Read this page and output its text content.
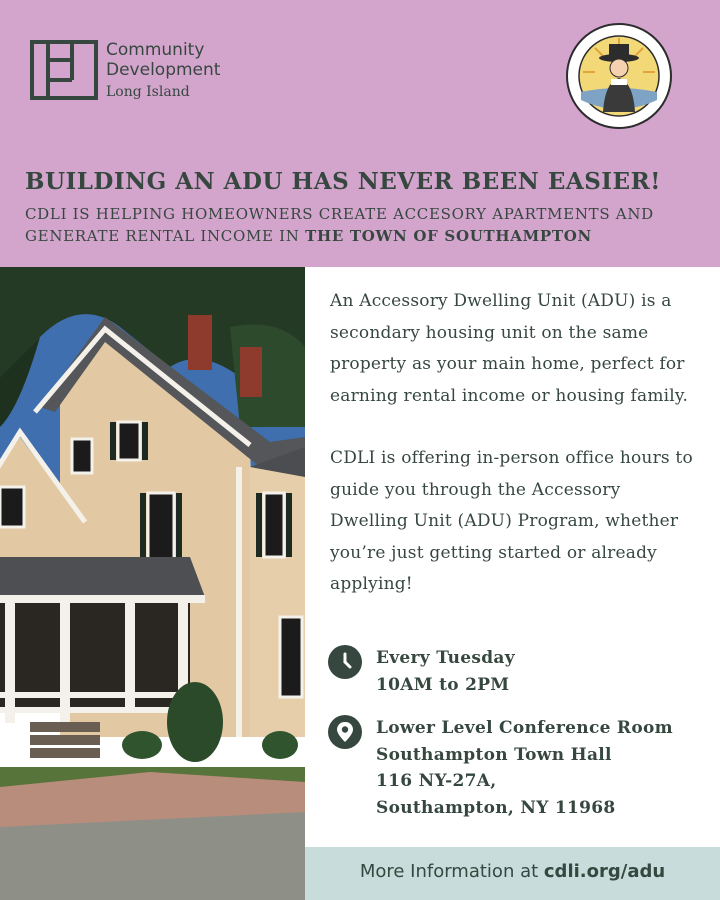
Community
Development
Long Island
BUILDING AN ADU HAS NEVER BEEN EASIER!
CDLI IS HELPING HOMEOWNERS CREATE ACCESORY APARTMENTS AND GENERATE RENTAL INCOME IN THE TOWN OF SOUTHAMPTON

An Accessory Dwelling Unit (ADU) is a secondary housing unit on the same property as your main home, perfect for earning rental income or housing family.

CDLI is offering in-person office hours to guide you through the Accessory Dwelling Unit (ADU) Program, whether you’re just getting started or already applying!

Every Tuesday
10AM to 2PM
Lower Level Conference Room
Southampton Town Hall
116 NY-27A,
Southampton, NY 11968
More Information at cdli.org/adu
